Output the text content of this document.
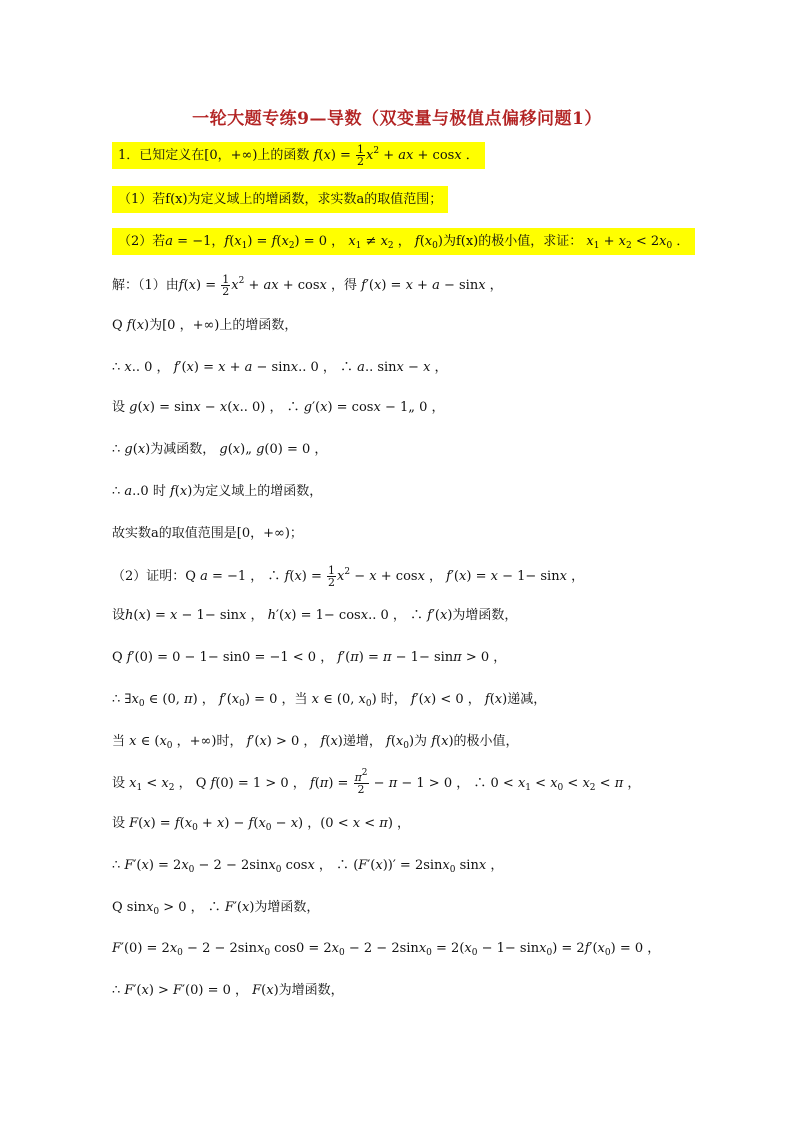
一轮大题专练9—导数（双变量与极值点偏移问题1）
1．已知定义在[0，+∞)上的函数 $f(x) = \frac{1}{2} x^2$ + ax + cosx ．
（1）若f(x)为定义域上的增函数，求实数a的取值范围；
（2）若a = −1，$f(x_1) = f(x_2) = 0$ ， $x_1 \ne x_2$ ， $f(x_0)$为f(x)的极小值，求证： $x_1 + x_2 < 2x_0$ ．
解：（1）由$f(x) = \frac{1}{2} x^2$ + ax + cosx ，得 f′(x) = x + a − sinx ，
Q f(x)为[0 ，+∞)上的增函数，
∴ x.. 0 ， f′(x) = x + a − sinx.. 0 ， ∴ a.. sinx − x ，
设 g(x) = sinx − x(x.. 0) ， ∴ g′(x) = cosx − 1„ 0 ，
∴ g(x)为减函数， g(x)„ g(0) = 0 ，
∴ a..0 时 f(x)为定义域上的增函数，
故实数a的取值范围是[0，+∞)；
（2）证明：Q a = −1 ， ∴ $f(x) = \frac{1}{2} x^2 - x + \cos x$ ， f′(x) = x − 1− sinx ，
设h(x) = x − 1− sinx ， h′(x) = 1− cosx.. 0 ， ∴ f′(x)为增函数，
Q f′(0) = 0 − 1− sin0 = −1 < 0 ， f′(π) = π − 1− sinπ > 0 ，
∴ $\exists x_0$ ∈ (0, π) ， $f'(x_0) = 0$ ，当 x ∈ (0, $x_0$) 时， f′(x) < 0 ， f(x)递减，
当 x ∈ ($x_0$ ，+∞)时， f′(x) > 0 ， f(x)递增， $f(x_0)$为 f(x)的极小值，
设 $x_1 < x_2$ ， Q f(0) = 1 > 0 ， $f(\pi) = \frac{\pi^2}{2} - \pi - 1 > 0$ ， ∴ $0 < x_1 < x_0 < x_2 < \pi$ ，
设 $F(x) = f(x_0 + x) - f(x_0 - x)$ ，(0 < x < π) ，
∴ $F'(x) = 2x_0 - 2 - 2\sin x_0$ cosx ， ∴ (F′(x))′ = 2sinx$_0$ sinx ，
Q sinx$_0$ > 0 ， ∴ F′(x)为增函数，
$F'(0) = 2x_0 - 2 - 2\sin x_0$ $\cos 0 = 2x_0 - 2 - 2\sin x_0 = 2(x_0 - 1- \sin x_0) = 2f'(x_0) = 0$ ，
∴ F′(x) > F′(0) = 0 ， F(x)为增函数，
